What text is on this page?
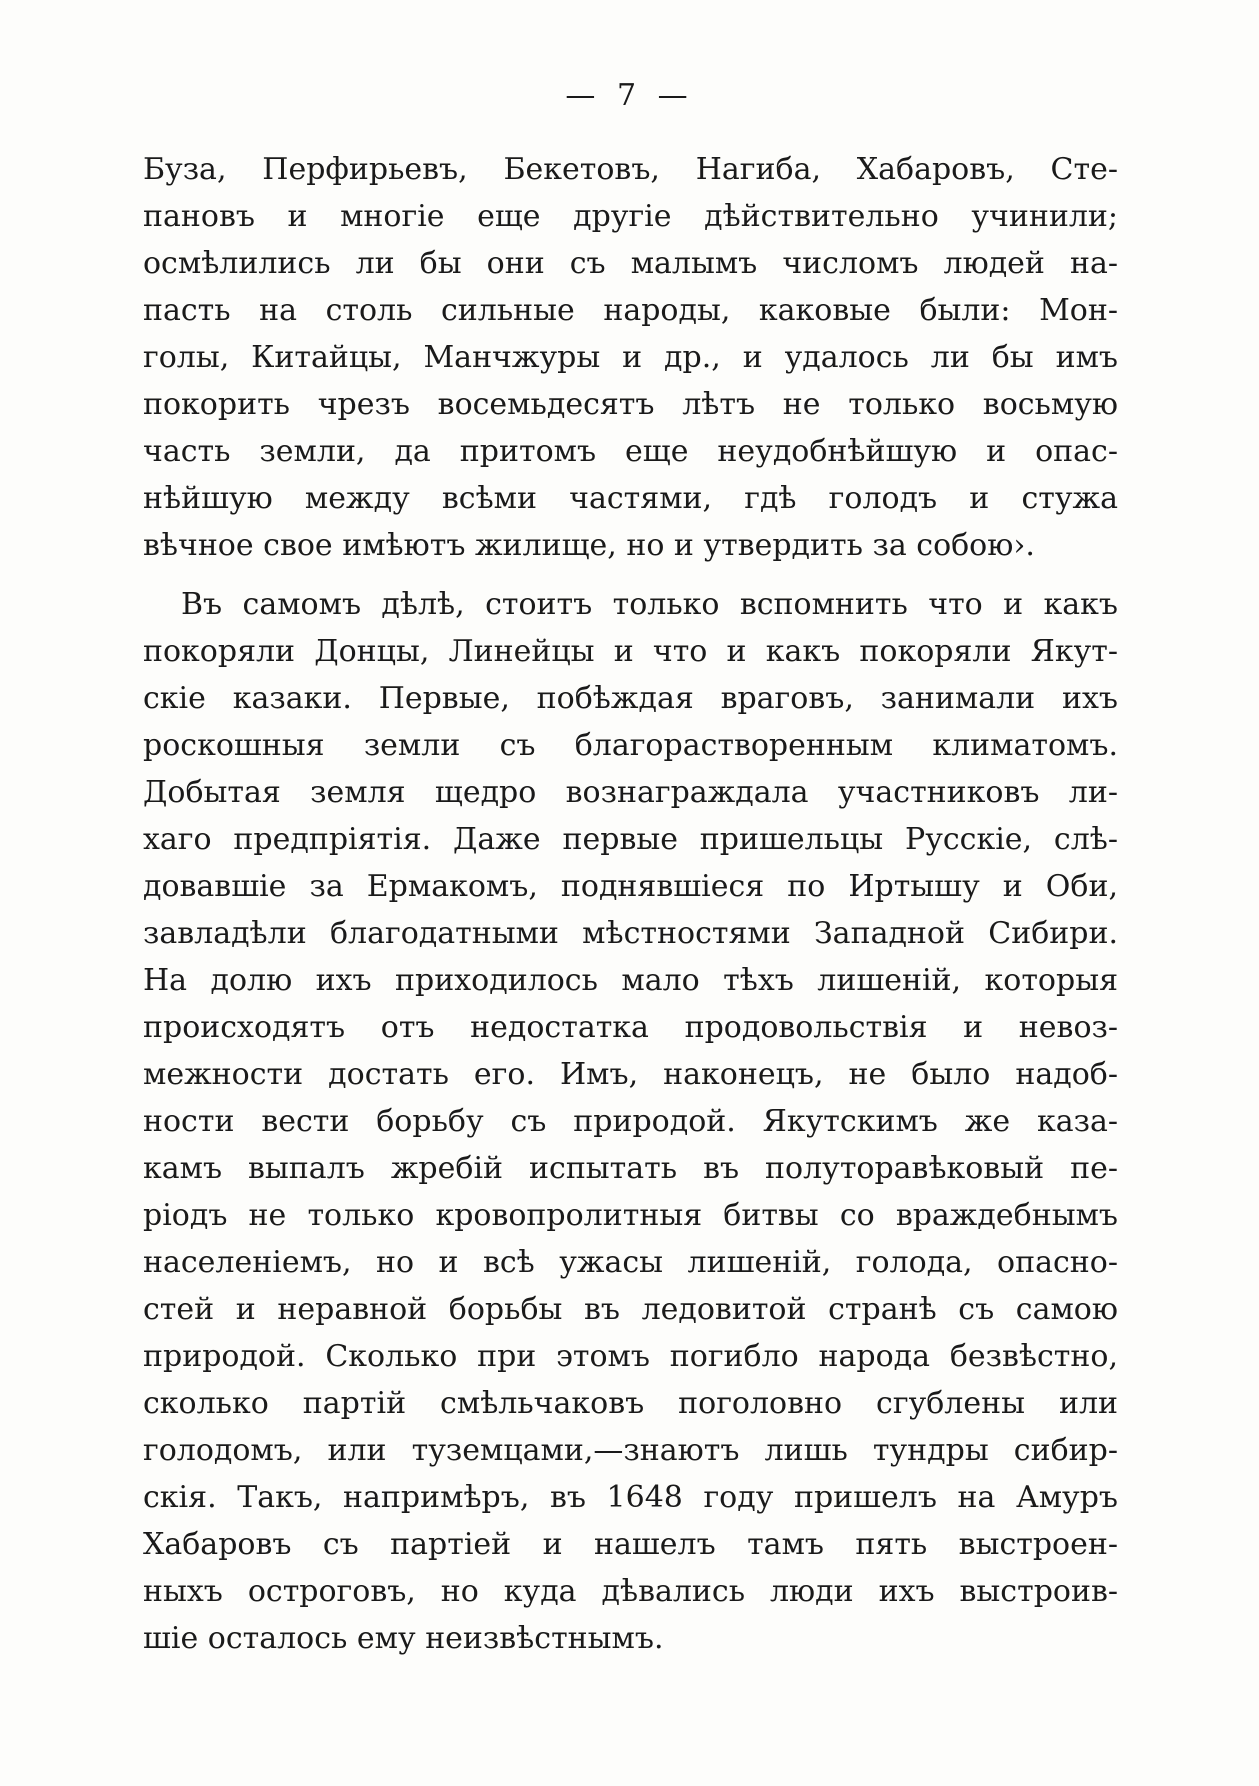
— 7 —
Буза, Перфирьевъ, Бекетовъ, Нагиба, Хабаровъ, Сте-
пановъ и многіе еще другіе дѣйствительно учинили;
осмѣлились ли бы они съ малымъ числомъ людей на-
пасть на столь сильные народы, каковые были: Мон-
голы, Китайцы, Манчжуры и др., и удалось ли бы имъ
покорить чрезъ восемьдесятъ лѣтъ не только восьмую
часть земли, да притомъ еще неудобнѣйшую и опас-
нѣйшую между всѣми частями, гдѣ голодъ и стужа
вѣчное свое имѣютъ жилище, но и утвердить за собою›.
Въ самомъ дѣлѣ, стоитъ только вспомнить что и какъ
покоряли Донцы, Линейцы и что и какъ покоряли Якут-
скіе казаки. Первые, побѣждая враговъ, занимали ихъ
роскошныя земли съ благорастворенным климатомъ.
Добытая земля щедро вознаграждала участниковъ ли-
хаго предпріятія. Даже первые пришельцы Русскіе, слѣ-
довавшіе за Ермакомъ, поднявшіеся по Иртышу и Оби,
завладѣли благодатными мѣстностями Западной Сибири.
На долю ихъ приходилось мало тѣхъ лишеній, которыя
происходятъ отъ недостатка продовольствія и невоз-
межности достать его. Имъ, наконецъ, не было надоб-
ности вести борьбу съ природой. Якутскимъ же каза-
камъ выпалъ жребій испытать въ полуторавѣковый пе-
ріодъ не только кровопролитныя битвы со враждебнымъ
населеніемъ, но и всѣ ужасы лишеній, голода, опасно-
стей и неравной борьбы въ ледовитой странѣ съ самою
природой. Сколько при этомъ погибло народа безвѣстно,
сколько партій смѣльчаковъ поголовно сгублены или
голодомъ, или туземцами,—знаютъ лишь тундры сибир-
скія. Такъ, напримѣръ, въ 1648 году пришелъ на Амуръ
Хабаровъ съ партіей и нашелъ тамъ пять выстроен-
ныхъ остроговъ, но куда дѣвались люди ихъ выстроив-
шіе осталось ему неизвѣстнымъ.
